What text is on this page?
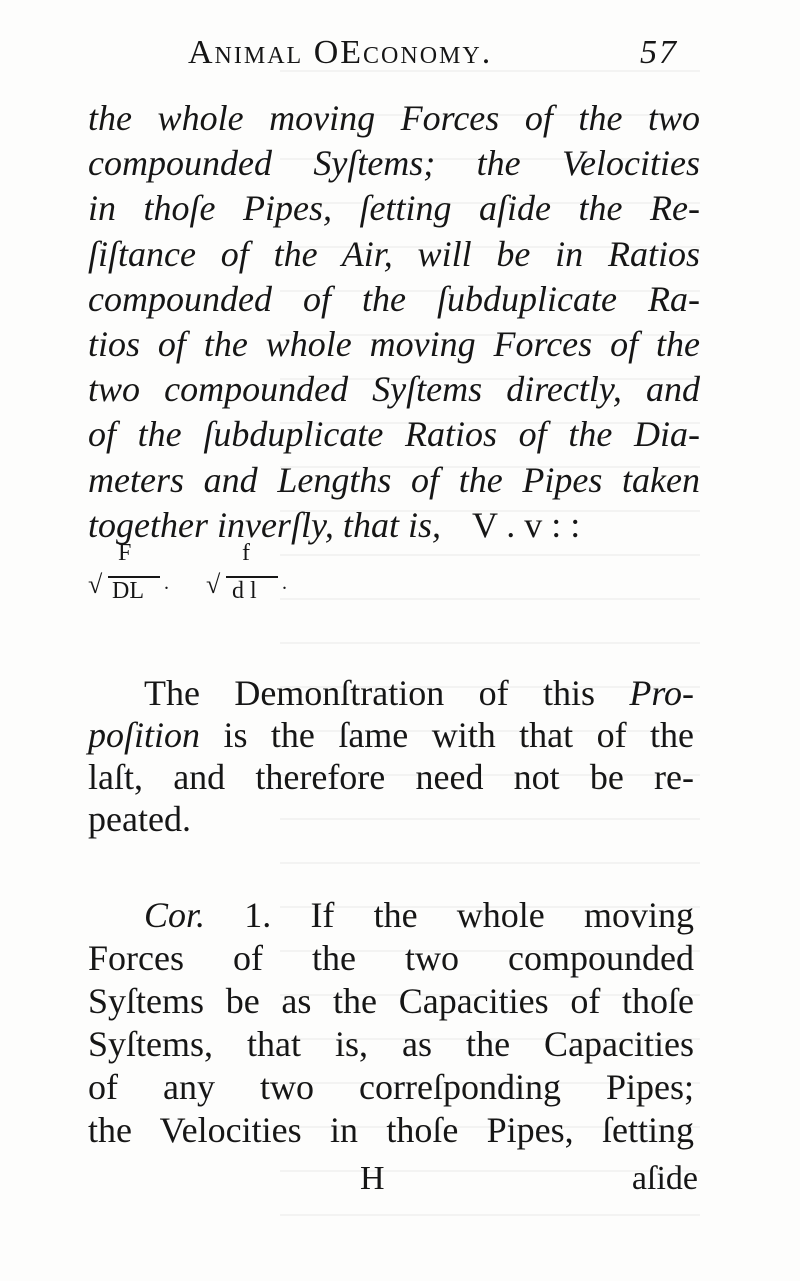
Animal OEconomy.	57
the whole moving Forces of the two
compounded Syſtems; the Velocities
in thoſe Pipes, ſetting aſide the Re-
ſiſtance of the Air, will be in Ratios
compounded of the ſubduplicate Ra-
tios of the whole moving Forces of the
two compounded Syſtems directly, and
of the ſubduplicate Ratios of the Dia-
meters and Lengths of the Pipes taken
together inverſly, that is, V . v : :
√
F
DL . √
f
d l .
The Demonſtration of this Pro-
poſition is the ſame with that of the
laſt, and therefore need not be re-
peated.
Cor. 1. If the whole moving
Forces of the two compounded
Syſtems be as the Capacities of thoſe
Syſtems, that is, as the Capacities
of any two correſponding Pipes;
the Velocities in thoſe Pipes, ſetting
H	aſide
